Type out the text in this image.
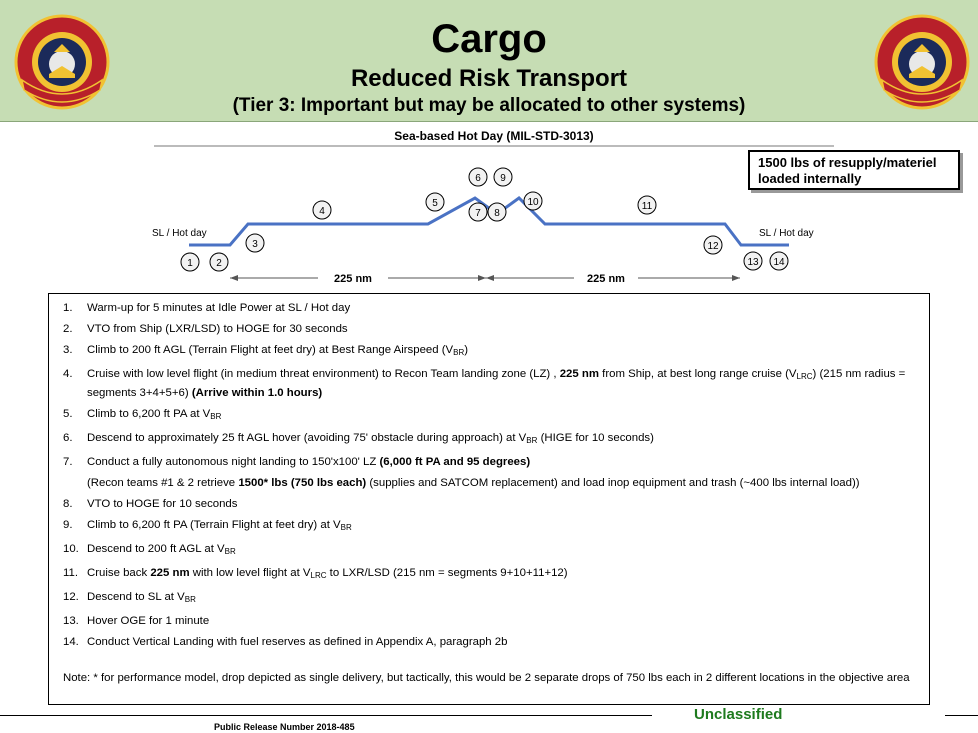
Cargo
Reduced Risk Transport
(Tier 3: Important but may be allocated to other systems)
Sea-based Hot Day (MIL-STD-3013)
SL / Hot day	SL / Hot day
1 2
3
4
5
6 9
7 8
10	11
12
13 14
225 nm	225 nm
1500 lbs of resupply/materiel
loaded internally
1.	Warm-up for 5 minutes at Idle Power at SL / Hot day
2.	VTO from Ship (LXR/LSD) to HOGE for 30 seconds
3.	Climb to 200 ft AGL (Terrain Flight at feet dry) at Best Range Airspeed (VBR)
4.	Cruise with low level flight (in medium threat environment) to Recon Team landing zone (LZ) , 225 nm from Ship, at best long range cruise (VLRC) (215 nm radius = segments 3+4+5+6) (Arrive within 1.0 hours)
5.	Climb to 6,200 ft PA at VBR
6.	Descend to approximately 25 ft AGL hover (avoiding 75' obstacle during approach) at VBR (HIGE for 10 seconds)
7.	Conduct a fully autonomous night landing to 150'x100' LZ (6,000 ft PA and 95 degrees)
(Recon teams #1 & 2 retrieve 1500* lbs (750 lbs each) (supplies and SATCOM replacement) and load inop equipment and trash (~400 lbs internal load))
8.	VTO to HOGE for 10 seconds
9.	Climb to 6,200 ft PA (Terrain Flight at feet dry) at VBR
10. Descend to 200 ft AGL at VBR
11. Cruise back 225 nm with low level flight at VLRC to LXR/LSD (215 nm = segments 9+10+11+12)
12. Descend to SL at VBR
13. Hover OGE for 1 minute
14. Conduct Vertical Landing with fuel reserves as defined in Appendix A, paragraph 2b
Note: * for performance model, drop depicted as single delivery, but tactically, this would be 2 separate drops of 750 lbs each in 2 different locations in the objective area
Public Release Number 2018-485
Unclassified
